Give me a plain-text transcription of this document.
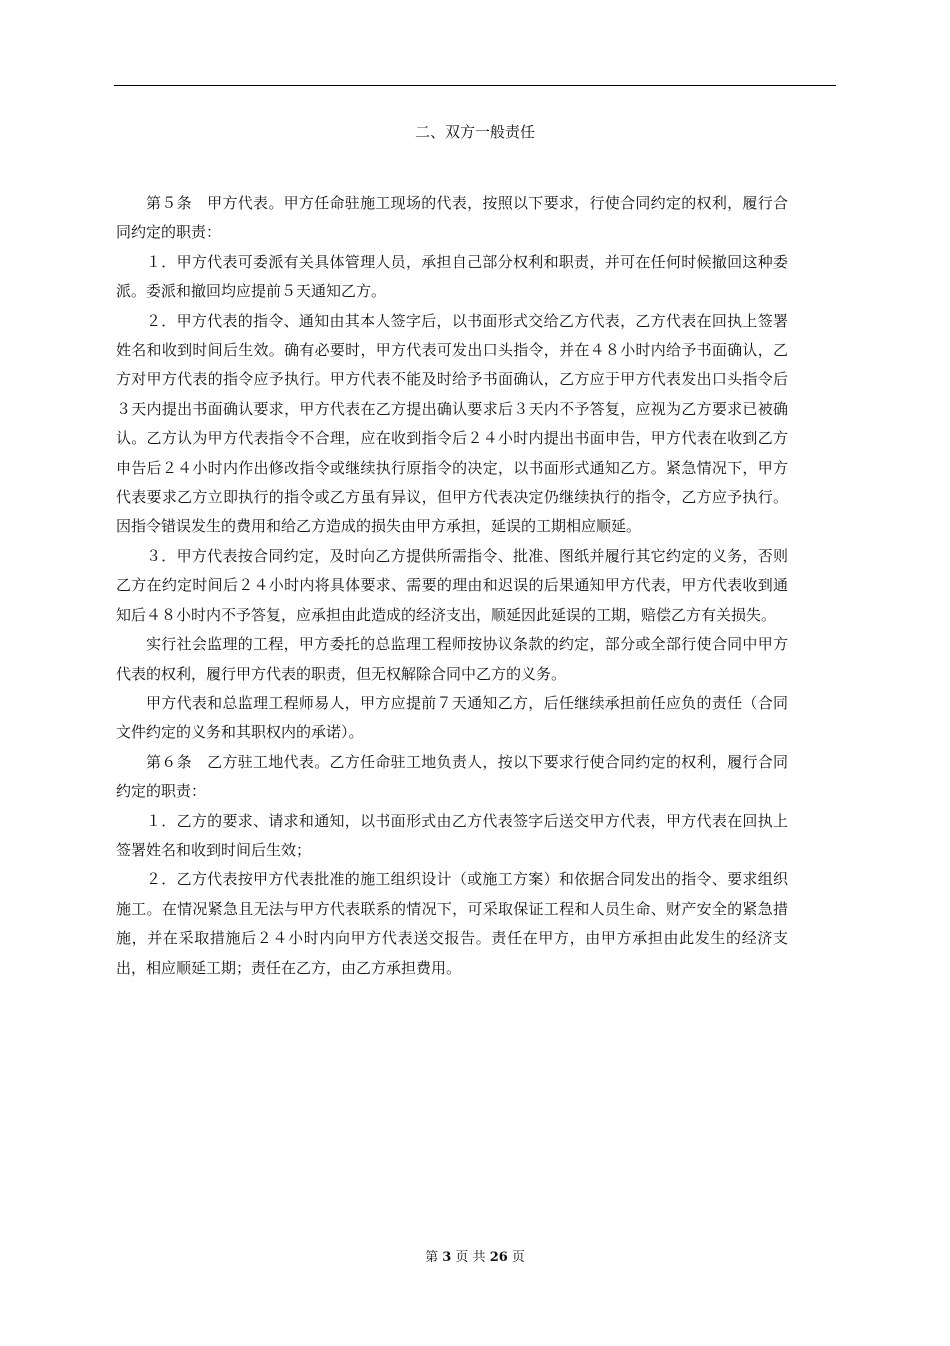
二、双方一般责任

第５条　甲方代表。甲方任命驻施工现场的代表，按照以下要求，行使合同约定的权利，履行合同约定的职责：

１．甲方代表可委派有关具体管理人员，承担自己部分权利和职责，并可在任何时候撤回这种委派。委派和撤回均应提前５天通知乙方。

２．甲方代表的指令、通知由其本人签字后，以书面形式交给乙方代表，乙方代表在回执上签署姓名和收到时间后生效。确有必要时，甲方代表可发出口头指令，并在４８小时内给予书面确认，乙方对甲方代表的指令应予执行。甲方代表不能及时给予书面确认，乙方应于甲方代表发出口头指令后３天内提出书面确认要求，甲方代表在乙方提出确认要求后３天内不予答复，应视为乙方要求已被确认。乙方认为甲方代表指令不合理，应在收到指令后２４小时内提出书面申告，甲方代表在收到乙方申告后２４小时内作出修改指令或继续执行原指令的决定，以书面形式通知乙方。紧急情况下，甲方代表要求乙方立即执行的指令或乙方虽有异议，但甲方代表决定仍继续执行的指令，乙方应予执行。因指令错误发生的费用和给乙方造成的损失由甲方承担，延误的工期相应顺延。

３．甲方代表按合同约定，及时向乙方提供所需指令、批准、图纸并履行其它约定的义务，否则乙方在约定时间后２４小时内将具体要求、需要的理由和迟误的后果通知甲方代表，甲方代表收到通知后４８小时内不予答复，应承担由此造成的经济支出，顺延因此延误的工期，赔偿乙方有关损失。

实行社会监理的工程，甲方委托的总监理工程师按协议条款的约定，部分或全部行使合同中甲方代表的权利，履行甲方代表的职责，但无权解除合同中乙方的义务。

甲方代表和总监理工程师易人，甲方应提前７天通知乙方，后任继续承担前任应负的责任（合同文件约定的义务和其职权内的承诺）。

第６条　乙方驻工地代表。乙方任命驻工地负责人，按以下要求行使合同约定的权利，履行合同约定的职责：

１．乙方的要求、请求和通知，以书面形式由乙方代表签字后送交甲方代表，甲方代表在回执上签署姓名和收到时间后生效；

２．乙方代表按甲方代表批准的施工组织设计（或施工方案）和依据合同发出的指令、要求组织施工。在情况紧急且无法与甲方代表联系的情况下，可采取保证工程和人员生命、财产安全的紧急措施，并在采取措施后２４小时内向甲方代表送交报告。责任在甲方，由甲方承担由此发生的经济支出，相应顺延工期；责任在乙方，由乙方承担费用。

第 3 页 共 26 页
